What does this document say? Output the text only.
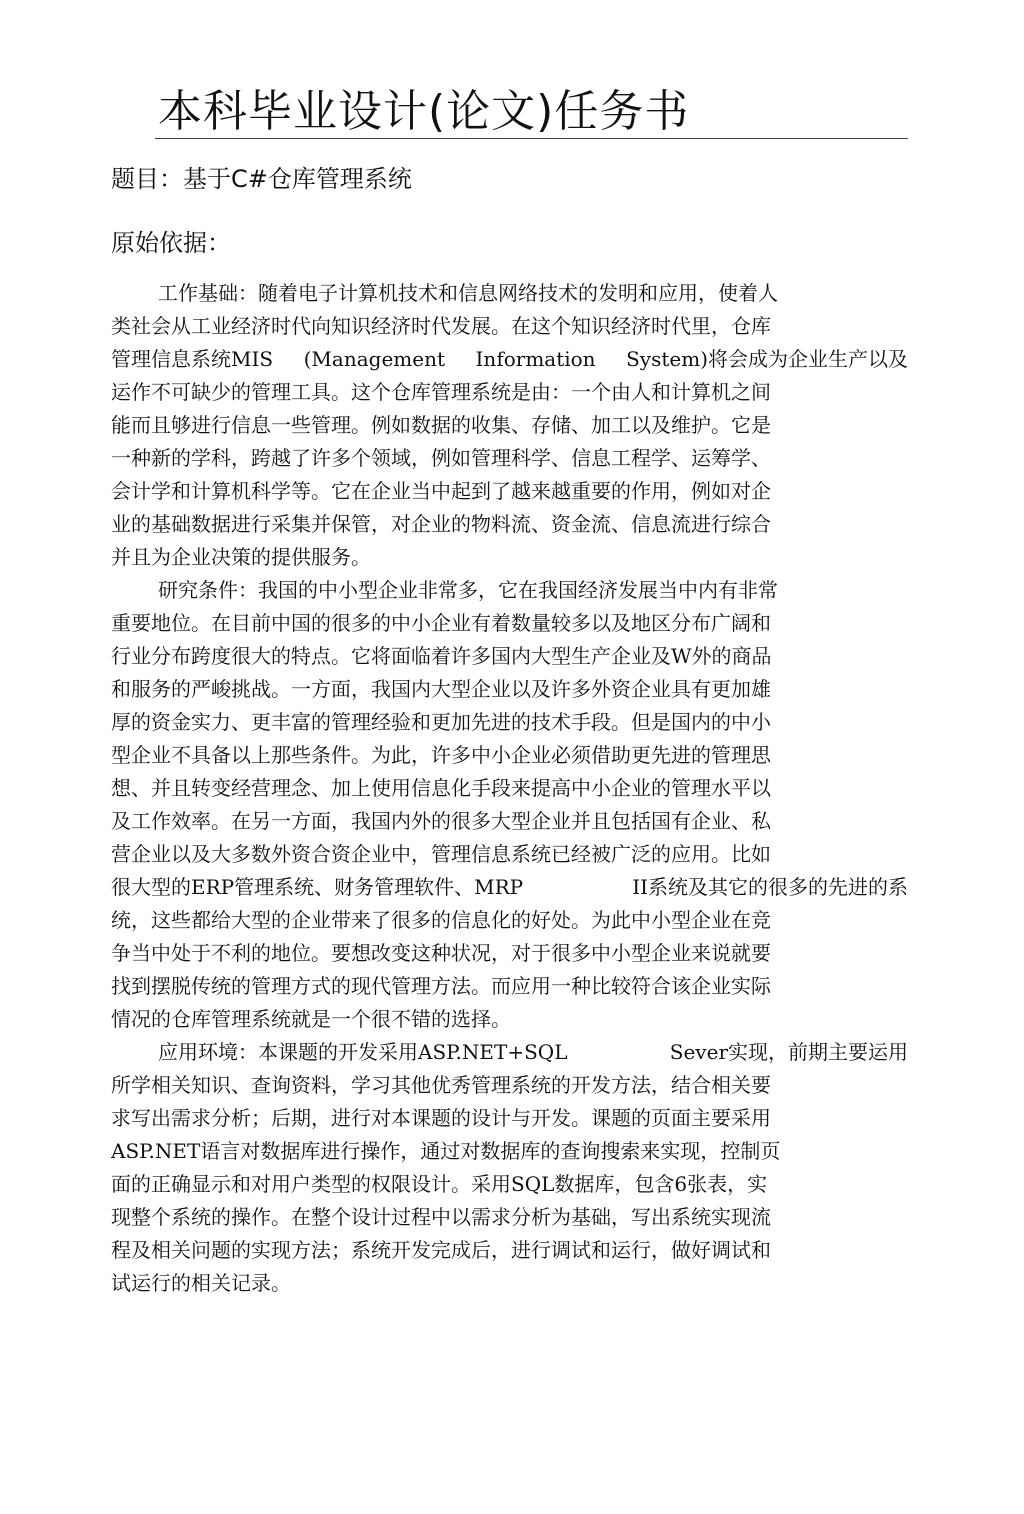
本科毕业设计(论文)任务书
题目：基于C#仓库管理系统
原始依据：
工作基础：随着电子计算机技术和信息网络技术的发明和应用，使着人
类社会从工业经济时代向知识经济时代发展。在这个知识经济时代里，仓库
管理信息系统MIS (Management Information System)将会成为企业生产以及
运作不可缺少的管理工具。这个仓库管理系统是由：一个由人和计算机之间
能而且够进行信息一些管理。例如数据的收集、存储、加工以及维护。它是
一种新的学科，跨越了许多个领域，例如管理科学、信息工程学、运筹学、
会计学和计算机科学等。它在企业当中起到了越来越重要的作用，例如对企
业的基础数据进行采集并保管，对企业的物料流、资金流、信息流进行综合
并且为企业决策的提供服务。
研究条件：我国的中小型企业非常多，它在我国经济发展当中内有非常
重要地位。在目前中国的很多的中小企业有着数量较多以及地区分布广阔和
行业分布跨度很大的特点。它将面临着许多国内大型生产企业及W外的商品
和服务的严峻挑战。一方面，我国内大型企业以及许多外资企业具有更加雄
厚的资金实力、更丰富的管理经验和更加先进的技术手段。但是国内的中小
型企业不具备以上那些条件。为此，许多中小企业必须借助更先进的管理思
想、并且转变经营理念、加上使用信息化手段来提高中小企业的管理水平以
及工作效率。在另一方面，我国内外的很多大型企业并且包括国有企业、私
营企业以及大多数外资合资企业中，管理信息系统已经被广泛的应用。比如
很大型的ERP管理系统、财务管理软件、MRP	II系统及其它的很多的先进的系
统，这些都给大型的企业带来了很多的信息化的好处。为此中小型企业在竞
争当中处于不利的地位。要想改变这种状况，对于很多中小型企业来说就要
找到摆脱传统的管理方式的现代管理方法。而应用一种比较符合该企业实际
情况的仓库管理系统就是一个很不错的选择。
应用环境：本课题的开发采用ASP.NET+SQL	Sever实现，前期主要运用
所学相关知识、查询资料，学习其他优秀管理系统的开发方法，结合相关要
求写出需求分析；后期，进行对本课题的设计与开发。课题的页面主要采用
ASP.NET语言对数据库进行操作，通过对数据库的查询搜索来实现，控制页
面的正确显示和对用户类型的权限设计。采用SQL数据库，包含6张表，实
现整个系统的操作。在整个设计过程中以需求分析为基础，写出系统实现流
程及相关问题的实现方法；系统开发完成后，进行调试和运行，做好调试和
试运行的相关记录。
